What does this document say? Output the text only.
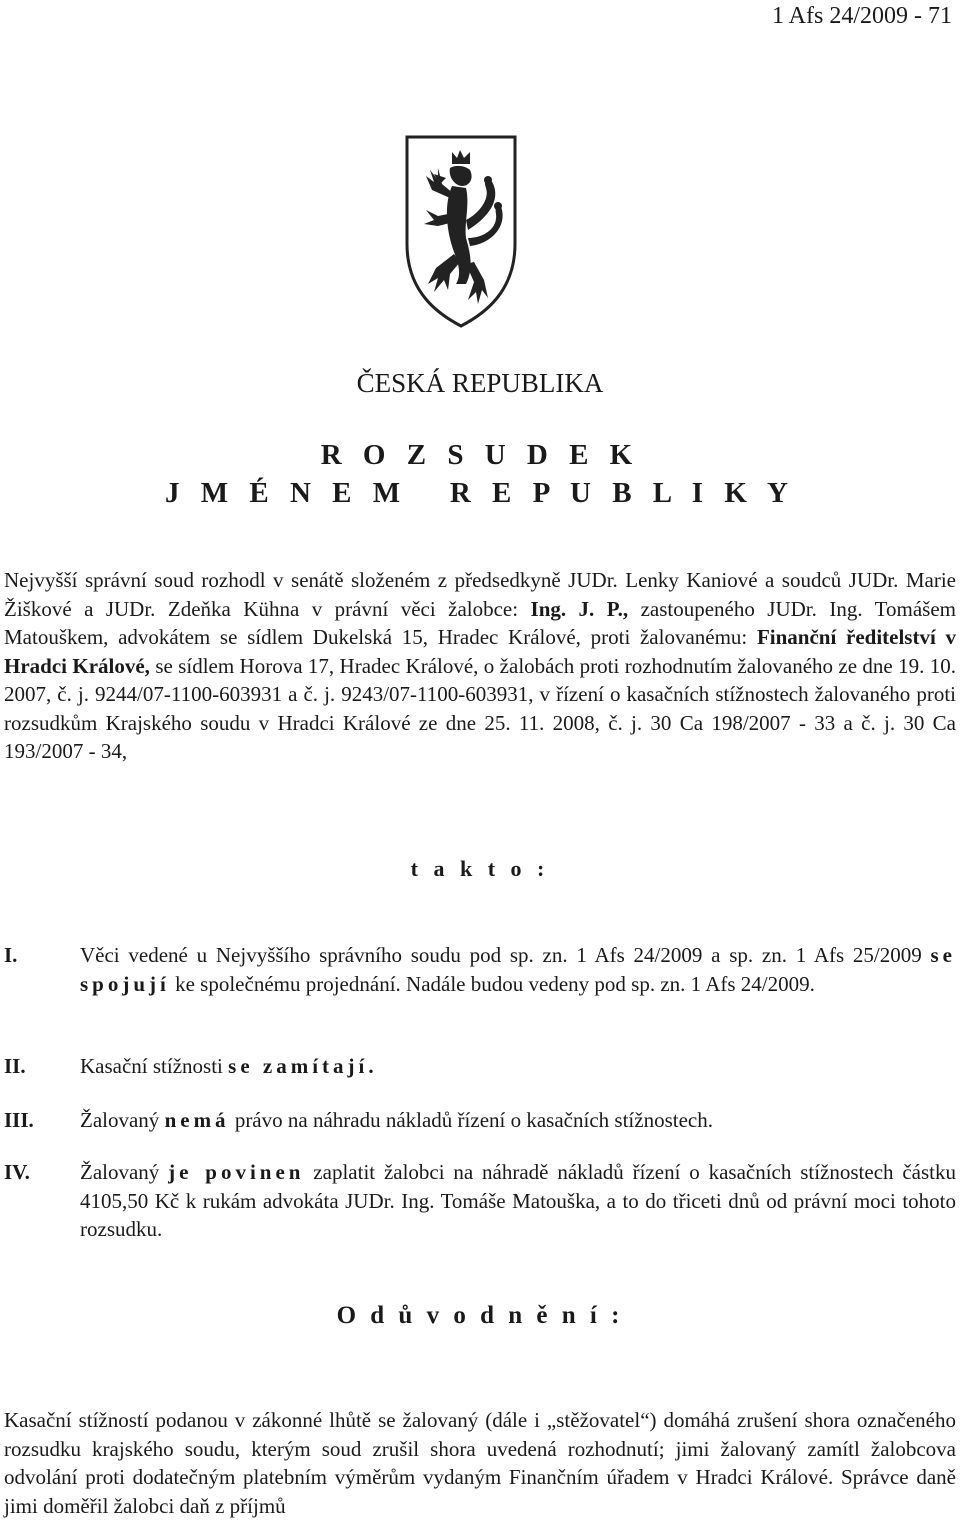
1 Afs 24/2009 - 71
ČESKÁ REPUBLIKA
R O Z S U D E K
J M É N E M   R E P U B L I K Y
Nejvyšší správní soud rozhodl v senátě složeném z předsedkyně JUDr. Lenky Kaniové a soudců JUDr. Marie Žiškové a JUDr. Zdeňka Kühna v právní věci žalobce: Ing. J. P., zastoupeného JUDr. Ing. Tomášem Matouškem, advokátem se sídlem Dukelská 15, Hradec Králové, proti žalovanému: Finanční ředitelství v Hradci Králové, se sídlem Horova 17, Hradec Králové, o žalobách proti rozhodnutím žalovaného ze dne 19. 10. 2007, č. j. 9244/07-1100-603931 a č. j. 9243/07-1100-603931, v řízení o kasačních stížnostech žalovaného proti rozsudkům Krajského soudu v Hradci Králové ze dne 25. 11. 2008, č. j. 30 Ca 198/2007 - 33 a č. j. 30 Ca 193/2007 - 34,
t a k t o :
I.	Věci vedené u Nejvyššího správního soudu pod sp. zn. 1 Afs 24/2009 a sp. zn. 1 Afs 25/2009 se spojují ke společnému projednání. Nadále budou vedeny pod sp. zn. 1 Afs 24/2009.
II.	Kasační stížnosti se zamítají.
III.	Žalovaný nemá právo na náhradu nákladů řízení o kasačních stížnostech.
IV.	Žalovaný je povinen zaplatit žalobci na náhradě nákladů řízení o kasačních stížnostech částku 4105,50 Kč k rukám advokáta JUDr. Ing. Tomáše Matouška, a to do třiceti dnů od právní moci tohoto rozsudku.
O d ů v o d n ě n í :
Kasační stížností podanou v zákonné lhůtě se žalovaný (dále i „stěžovatel“) domáhá zrušení shora označeného rozsudku krajského soudu, kterým soud zrušil shora uvedená rozhodnutí; jimi žalovaný zamítl žalobcova odvolání proti dodatečným platebním výměrům vydaným Finančním úřadem v Hradci Králové. Správce daně jimi doměřil žalobci daň z příjmů
